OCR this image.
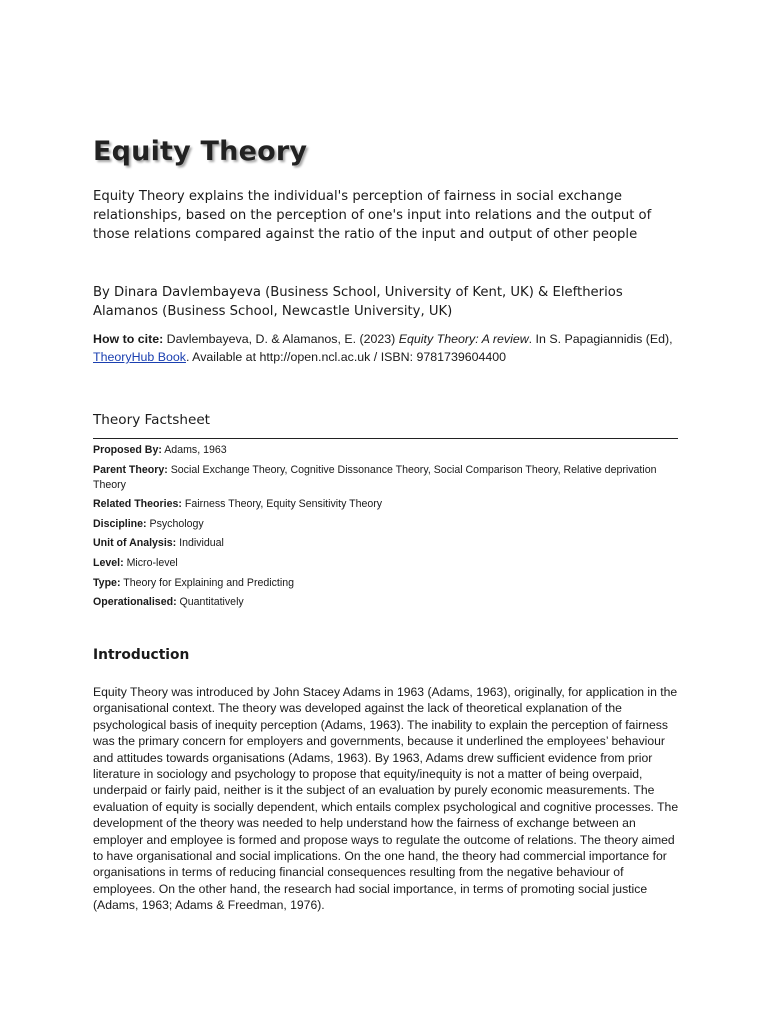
Equity Theory

Equity Theory explains the individual's perception of fairness in social exchange relationships, based on the perception of one's input into relations and the output of those relations compared against the ratio of the input and output of other people

By Dinara Davlembayeva (Business School, University of Kent, UK) & Eleftherios Alamanos (Business School, Newcastle University, UK)

How to cite: Davlembayeva, D. & Alamanos, E. (2023) Equity Theory: A review. In S. Papagiannidis (Ed), TheoryHub Book. Available at http://open.ncl.ac.uk / ISBN: 9781739604400

Theory Factsheet

Proposed By: Adams, 1963

Parent Theory: Social Exchange Theory, Cognitive Dissonance Theory, Social Comparison Theory, Relative deprivation Theory

Related Theories: Fairness Theory, Equity Sensitivity Theory

Discipline: Psychology

Unit of Analysis: Individual

Level: Micro-level

Type: Theory for Explaining and Predicting

Operationalised: Quantitatively

Introduction

Equity Theory was introduced by John Stacey Adams in 1963 (Adams, 1963), originally, for application in the organisational context. The theory was developed against the lack of theoretical explanation of the psychological basis of inequity perception (Adams, 1963). The inability to explain the perception of fairness was the primary concern for employers and governments, because it underlined the employees’ behaviour and attitudes towards organisations (Adams, 1963). By 1963, Adams drew sufficient evidence from prior literature in sociology and psychology to propose that equity/inequity is not a matter of being overpaid, underpaid or fairly paid, neither is it the subject of an evaluation by purely economic measurements. The evaluation of equity is socially dependent, which entails complex psychological and cognitive processes. The development of the theory was needed to help understand how the fairness of exchange between an employer and employee is formed and propose ways to regulate the outcome of relations. The theory aimed to have organisational and social implications. On the one hand, the theory had commercial importance for organisations in terms of reducing financial consequences resulting from the negative behaviour of employees. On the other hand, the research had social importance, in terms of promoting social justice (Adams, 1963; Adams & Freedman, 1976).
